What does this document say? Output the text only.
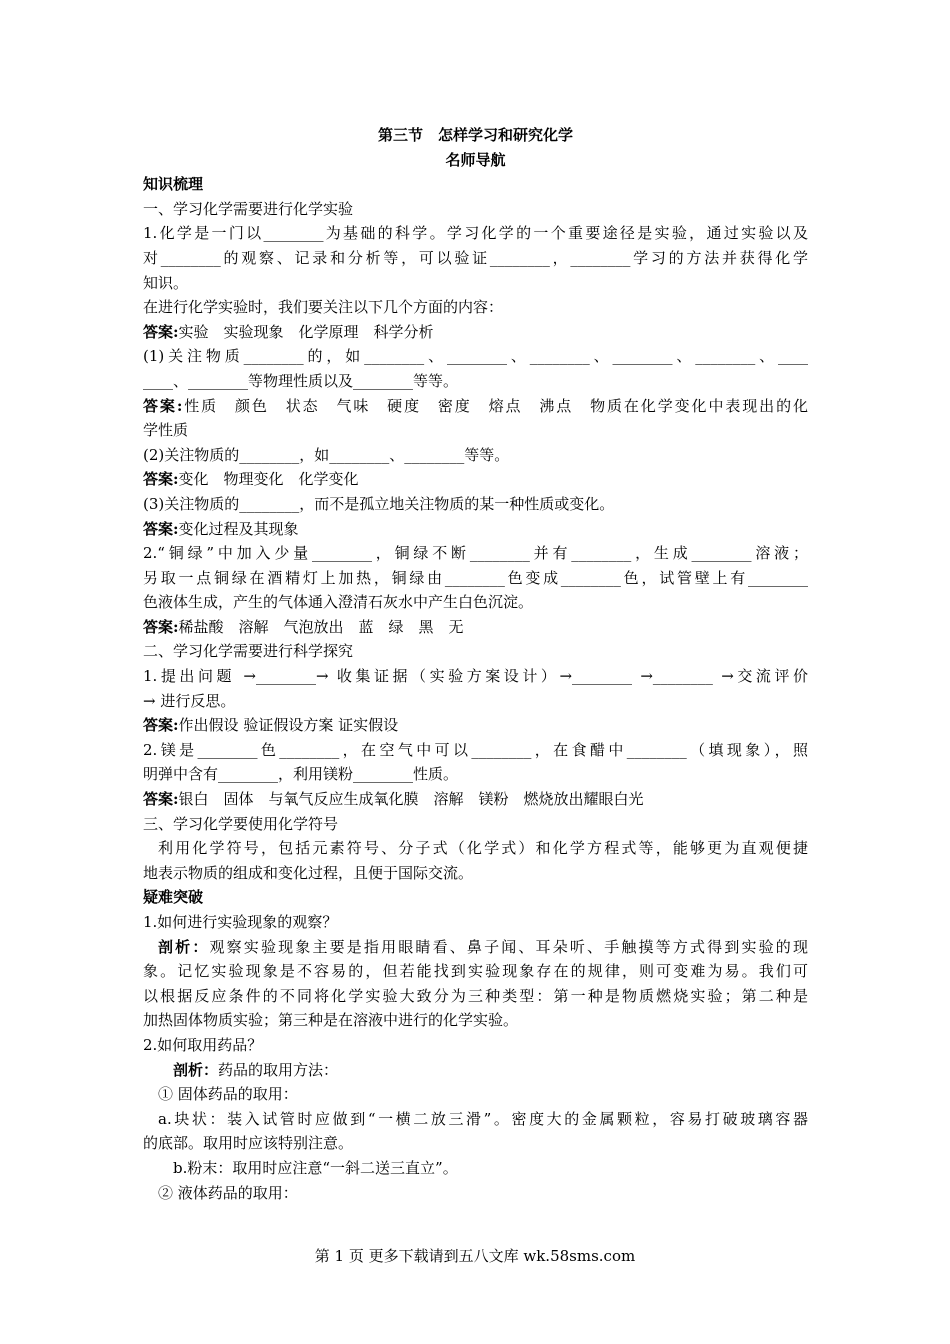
第三节　怎样学习和研究化学
名师导航
知识梳理
一、学习化学需要进行化学实验
1.化学是一门以________为基础的科学。学习化学的一个重要途径是实验，通过实验以及
对________的观察、记录和分析等，可以验证________，________学习的方法并获得化学
知识。
在进行化学实验时，我们要关注以下几个方面的内容：
答案:实验　实验现象　化学原理　科学分析
(1)关注物质________的，如________、________、________、________、________、____
____、________等物理性质以及________等等。
答案:性质　颜色　状态　气味　硬度　密度　熔点　沸点　物质在化学变化中表现出的化
学性质
(2)关注物质的________，如________、________等等。
答案:变化　物理变化　化学变化
(3)关注物质的________，而不是孤立地关注物质的某一种性质或变化。
答案:变化过程及其现象
2.“铜绿”中加入少量________，铜绿不断________并有________，生成________溶液；
另取一点铜绿在酒精灯上加热，铜绿由________色变成________色，试管壁上有________
色液体生成，产生的气体通入澄清石灰水中产生白色沉淀。
答案:稀盐酸　溶解　气泡放出　蓝　绿　黑　无
二、学习化学需要进行科学探究
1.提出问题 →________→ 收集证据（实验方案设计）→________ →________ →交流评价
→ 进行反思。
答案:作出假设 验证假设方案 证实假设
2.镁是________色________，在空气中可以________，在食醋中________（填现象），照
明弹中含有________，利用镁粉________性质。
答案:银白　固体　与氧气反应生成氧化膜　溶解　镁粉　燃烧放出耀眼白光
三、学习化学要使用化学符号
利用化学符号，包括元素符号、分子式（化学式）和化学方程式等，能够更为直观便捷
地表示物质的组成和变化过程，且便于国际交流。
疑难突破
1.如何进行实验现象的观察？
剖析：观察实验现象主要是指用眼睛看、鼻子闻、耳朵听、手触摸等方式得到实验的现
象。记忆实验现象是不容易的，但若能找到实验现象存在的规律，则可变难为易。我们可
以根据反应条件的不同将化学实验大致分为三种类型：第一种是物质燃烧实验；第二种是
加热固体物质实验；第三种是在溶液中进行的化学实验。
2.如何取用药品？
剖析：药品的取用方法：
① 固体药品的取用：
a.块状：装入试管时应做到“一横二放三滑”。密度大的金属颗粒，容易打破玻璃容器
的底部。取用时应该特别注意。
b.粉末：取用时应注意“一斜二送三直立”。
② 液体药品的取用：
第 1 页 更多下载请到五八文库 wk.58sms.com
